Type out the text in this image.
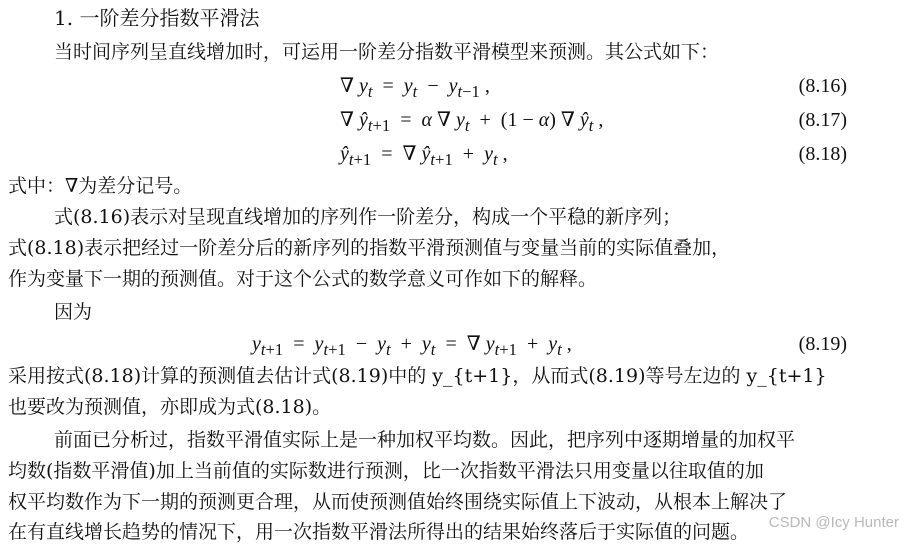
1. 一阶差分指数平滑法
当时间序列呈直线增加时，可运用一阶差分指数平滑模型来预测。其公式如下：
∇ $y_t = y_t - y_{t-1}$ ,	(8.16)
∇ $ŷ_{t+1} = \alpha$ ∇ $y_t + (1 - \alpha)$ ∇ $ŷ_t$ ,	(8.17)
$ŷ_{t+1}$  =  ∇ $ŷ_{t+1} + y_t$ ,	(8.18)
式中：∇为差分记号。
式(8.16)表示对呈现直线增加的序列作一阶差分，构成一个平稳的新序列；
式(8.18)表示把经过一阶差分后的新序列的指数平滑预测值与变量当前的实际值叠加，
作为变量下一期的预测值。对于这个公式的数学意义可作如下的解释。
因为
$y_{t+1} = y_{t+1} - y_t + y_t$  =  ∇ $y_{t+1} + y_t$ ,	(8.19)
采用按式(8.18)计算的预测值去估计式(8.19)中的 y_{t+1}，从而式(8.19)等号左边的 y_{t+1}
也要改为预测值，亦即成为式(8.18)。
前面已分析过，指数平滑值实际上是一种加权平均数。因此，把序列中逐期增量的加权平
均数(指数平滑值)加上当前值的实际数进行预测，比一次指数平滑法只用变量以往取值的加
权平均数作为下一期的预测更合理，从而使预测值始终围绕实际值上下波动，从根本上解决了
在有直线增长趋势的情况下，用一次指数平滑法所得出的结果始终落后于实际值的问题。 CSDN @Icy Hunter
